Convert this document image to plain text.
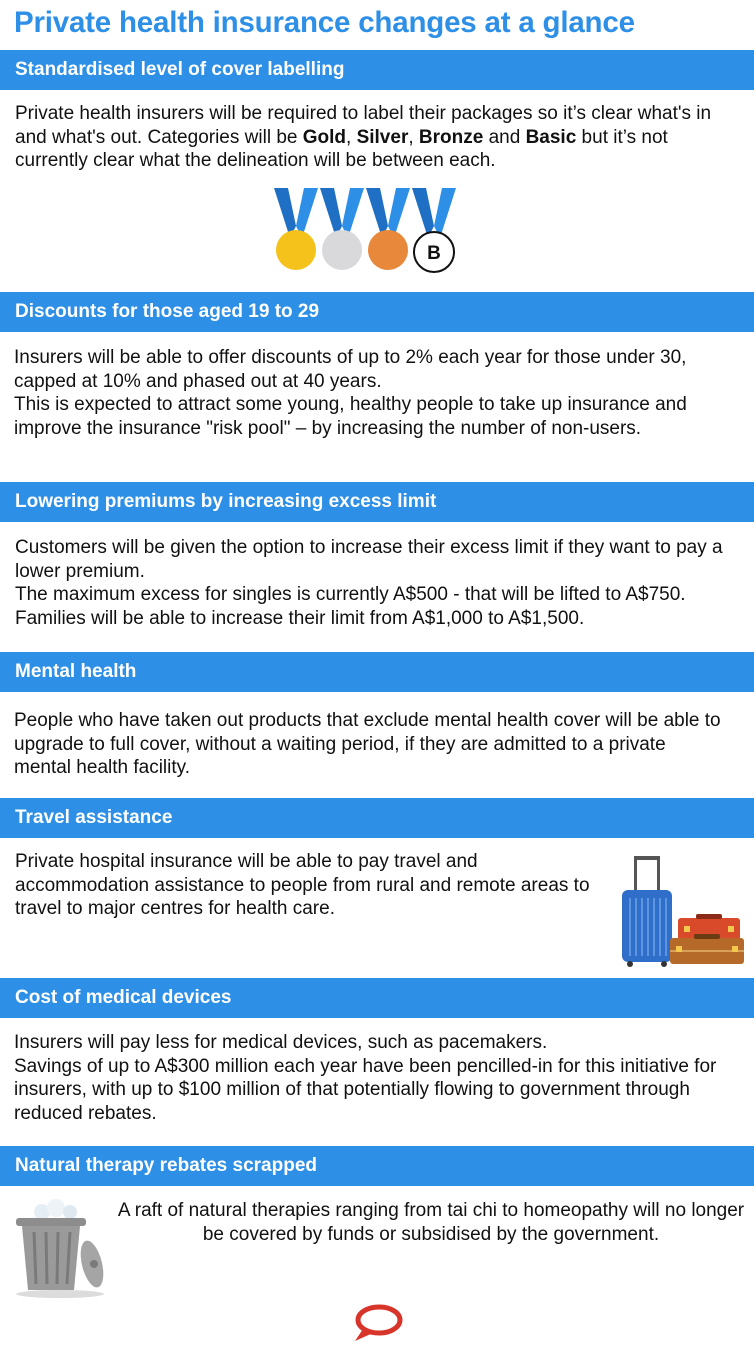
Private health insurance changes at a glance
Standardised level of cover labelling
Private health insurers will be required to label their packages so it’s clear what's in and what's out. Categories will be Gold, Silver, Bronze and Basic but it’s not currently clear what the delineation will be between each.
B
Discounts for those aged 19 to 29
Insurers will be able to offer discounts of up to 2% each year for those under 30, capped at 10% and phased out at 40 years.
This is expected to attract some young, healthy people to take up insurance and improve the insurance "risk pool" – by increasing the number of non-users.
Lowering premiums by increasing excess limit
Customers will be given the option to increase their excess limit if they want to pay a lower premium.
The maximum excess for singles is currently A$500 - that will be lifted to A$750. Families will be able to increase their limit from A$1,000 to A$1,500.
Mental health
People who have taken out products that exclude mental health cover will be able to upgrade to full cover, without a waiting period, if they are admitted to a private mental health facility.
Travel assistance
Private hospital insurance will be able to pay travel and accommodation assistance to people from rural and remote areas to travel to major centres for health care.
Cost of medical devices
Insurers will pay less for medical devices, such as pacemakers.
Savings of up to A$300 million each year have been pencilled-in for this initiative for insurers, with up to $100 million of that potentially flowing to government through reduced rebates.
Natural therapy rebates scrapped
A raft of natural therapies ranging from tai chi to homeopathy will no longer be covered by funds or subsidised by the government.
